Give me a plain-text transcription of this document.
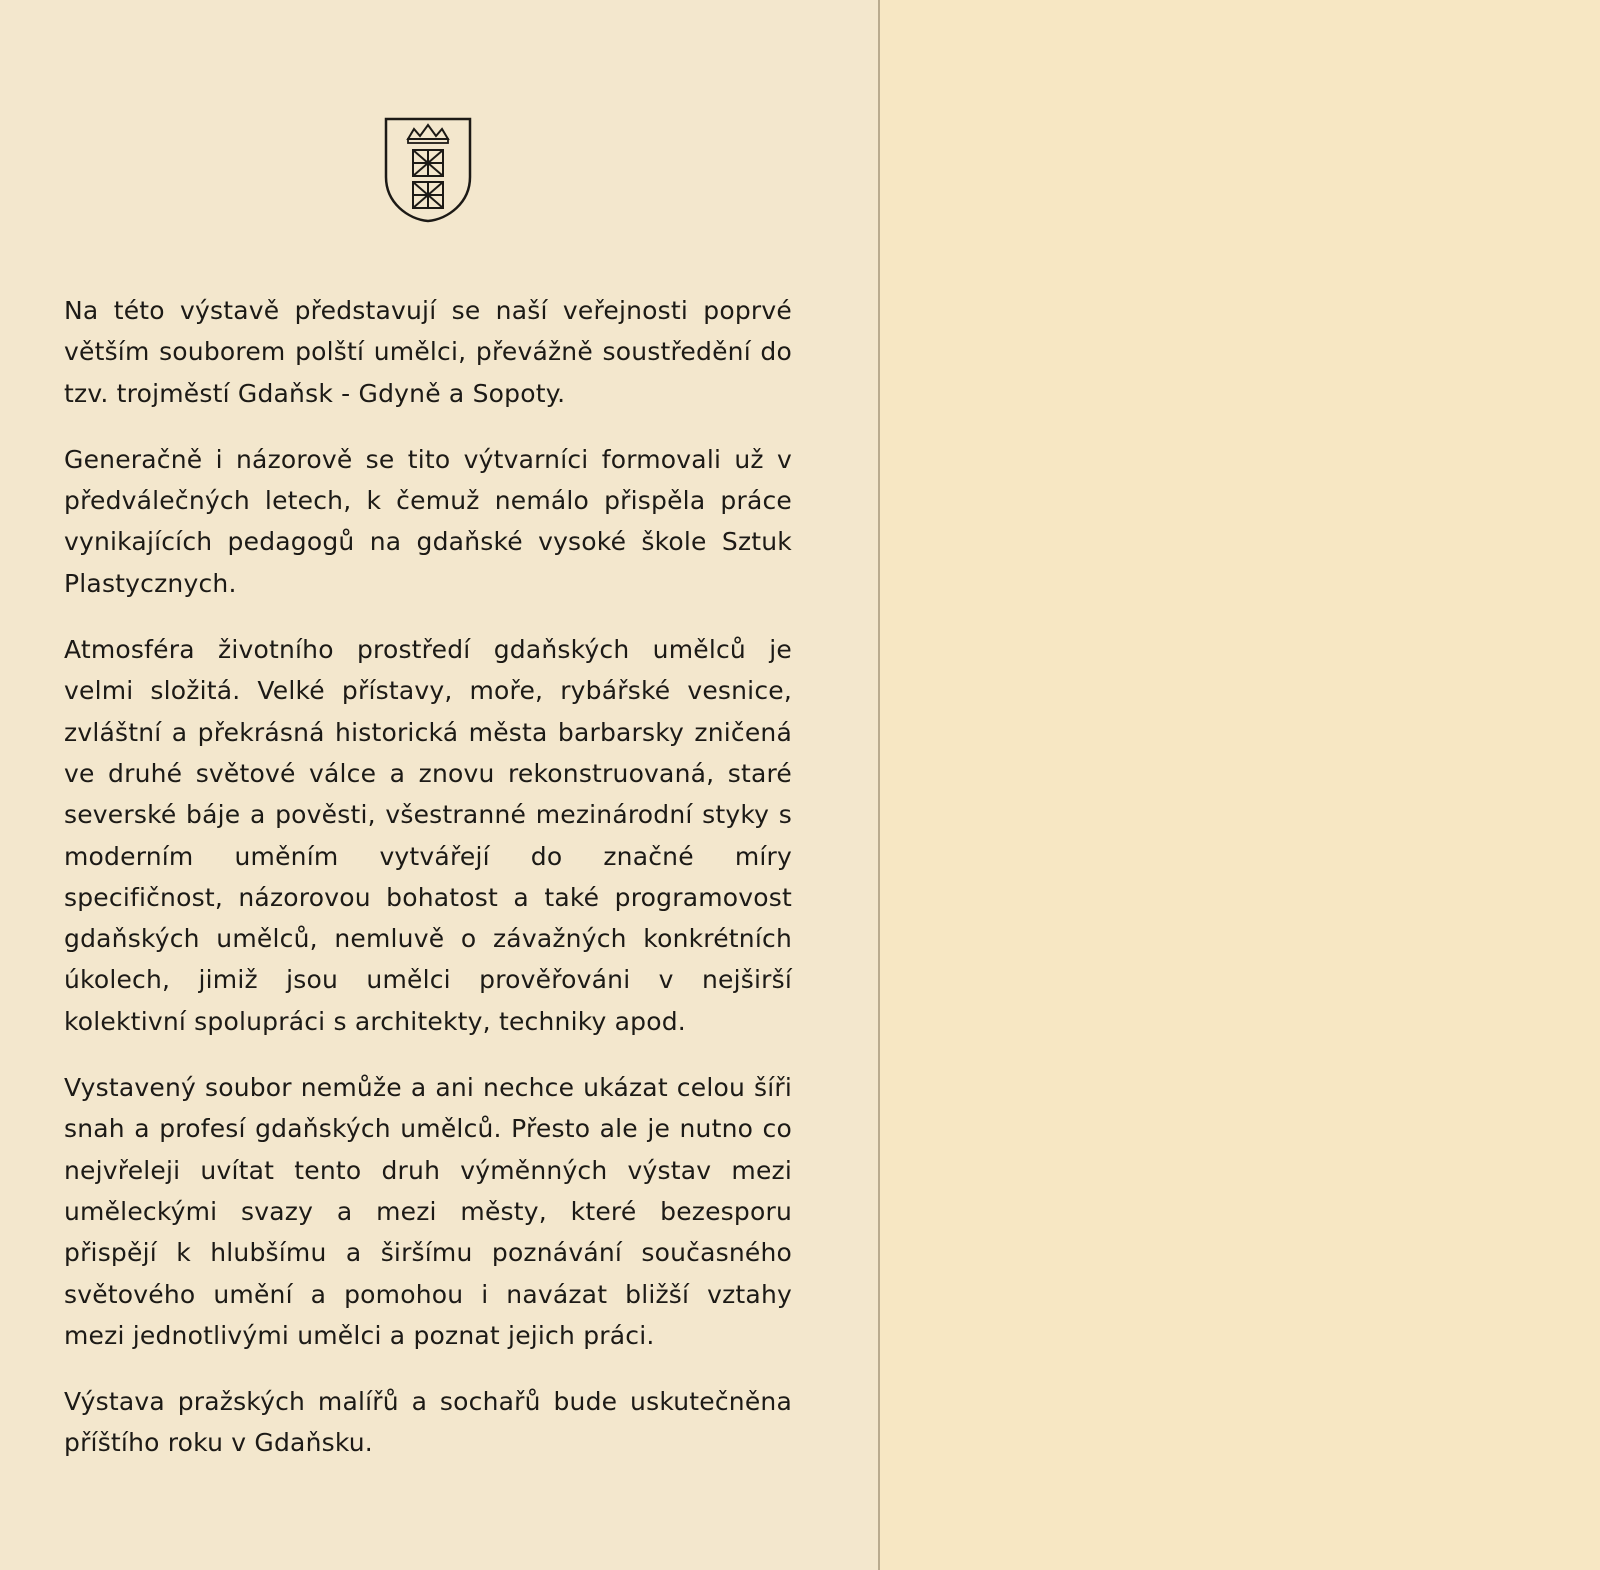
Na této výstavě představují se naší veřejnosti poprvé větším souborem polští umělci, převážně soustředění do tzv. trojměstí Gdaňsk - Gdyně a Sopoty.

Generačně i názorově se tito výtvarníci formovali už v předválečných letech, k čemuž nemálo přispěla práce vynikajících pedagogů na gdaňské vysoké škole Sztuk Plastycznych.

Atmosféra životního prostředí gdaňských umělců je velmi složitá. Velké přístavy, moře, rybářské vesnice, zvláštní a překrásná historická města barbarsky zničená ve druhé světové válce a znovu rekonstruovaná, staré severské báje a pověsti, všestranné mezinárodní styky s moderním uměním vytvářejí do značné míry specifičnost, názorovou bohatost a také programovost gdaňských umělců, nemluvě o závažných konkrétních úkolech, jimiž jsou umělci prověřováni v nejširší kolektivní spolupráci s architekty, techniky apod.

Vystavený soubor nemůže a ani nechce ukázat celou šíři snah a profesí gdaňských umělců. Přesto ale je nutno co nejvřeleji uvítat tento druh výměnných výstav mezi uměleckými svazy a mezi městy, které bezesporu přispějí k hlubšímu a širšímu poznávání současného světového umění a pomohou i navázat bližší vztahy mezi jednotlivými umělci a poznat jejich práci.

Výstava pražských malířů a sochařů bude uskutečněna příštího roku v Gdaňsku.
